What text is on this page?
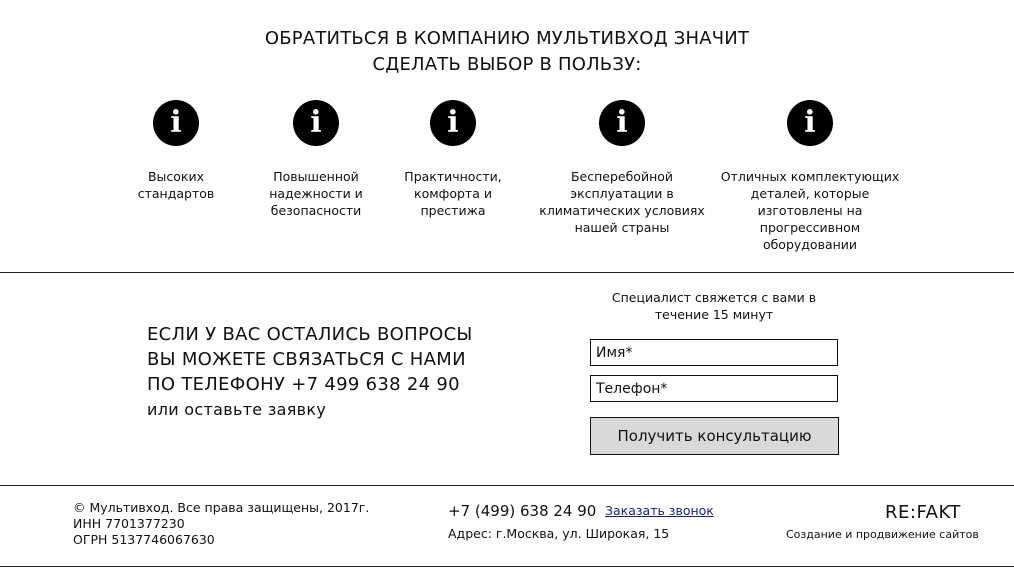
ОБРАТИТЬСЯ В КОМПАНИЮ МУЛЬТИВХОД ЗНАЧИТ
СДЕЛАТЬ ВЫБОР В ПОЛЬЗУ:
i
Высоких
стандартов
i
Повышенной
надежности и
безопасности
i
Практичности,
комфорта и
престижа
i
Бесперебойной
эксплуатации в
климатических условиях
нашей страны
i
Отличных комплектующих
деталей, которые
изготовлены на прогрессивном
оборудовании
ЕСЛИ У ВАС ОСТАЛИСЬ ВОПРОСЫ
ВЫ МОЖЕТЕ СВЯЗАТЬСЯ С НАМИ
ПО ТЕЛЕФОНУ +7 499 638 24 90
или оставьте заявку
Специалист свяжется с вами в
течение 15 минут
Имя*
Телефон*
Получить консультацию
© Мультивход. Все права защищены, 2017г.
ИНН 7701377230
ОГРН 5137746067630
+7 (499) 638 24 90 Заказать звонок
Адрес: г.Москва, ул. Широкая, 15
RE:FAKT
Создание и продвижение сайтов
